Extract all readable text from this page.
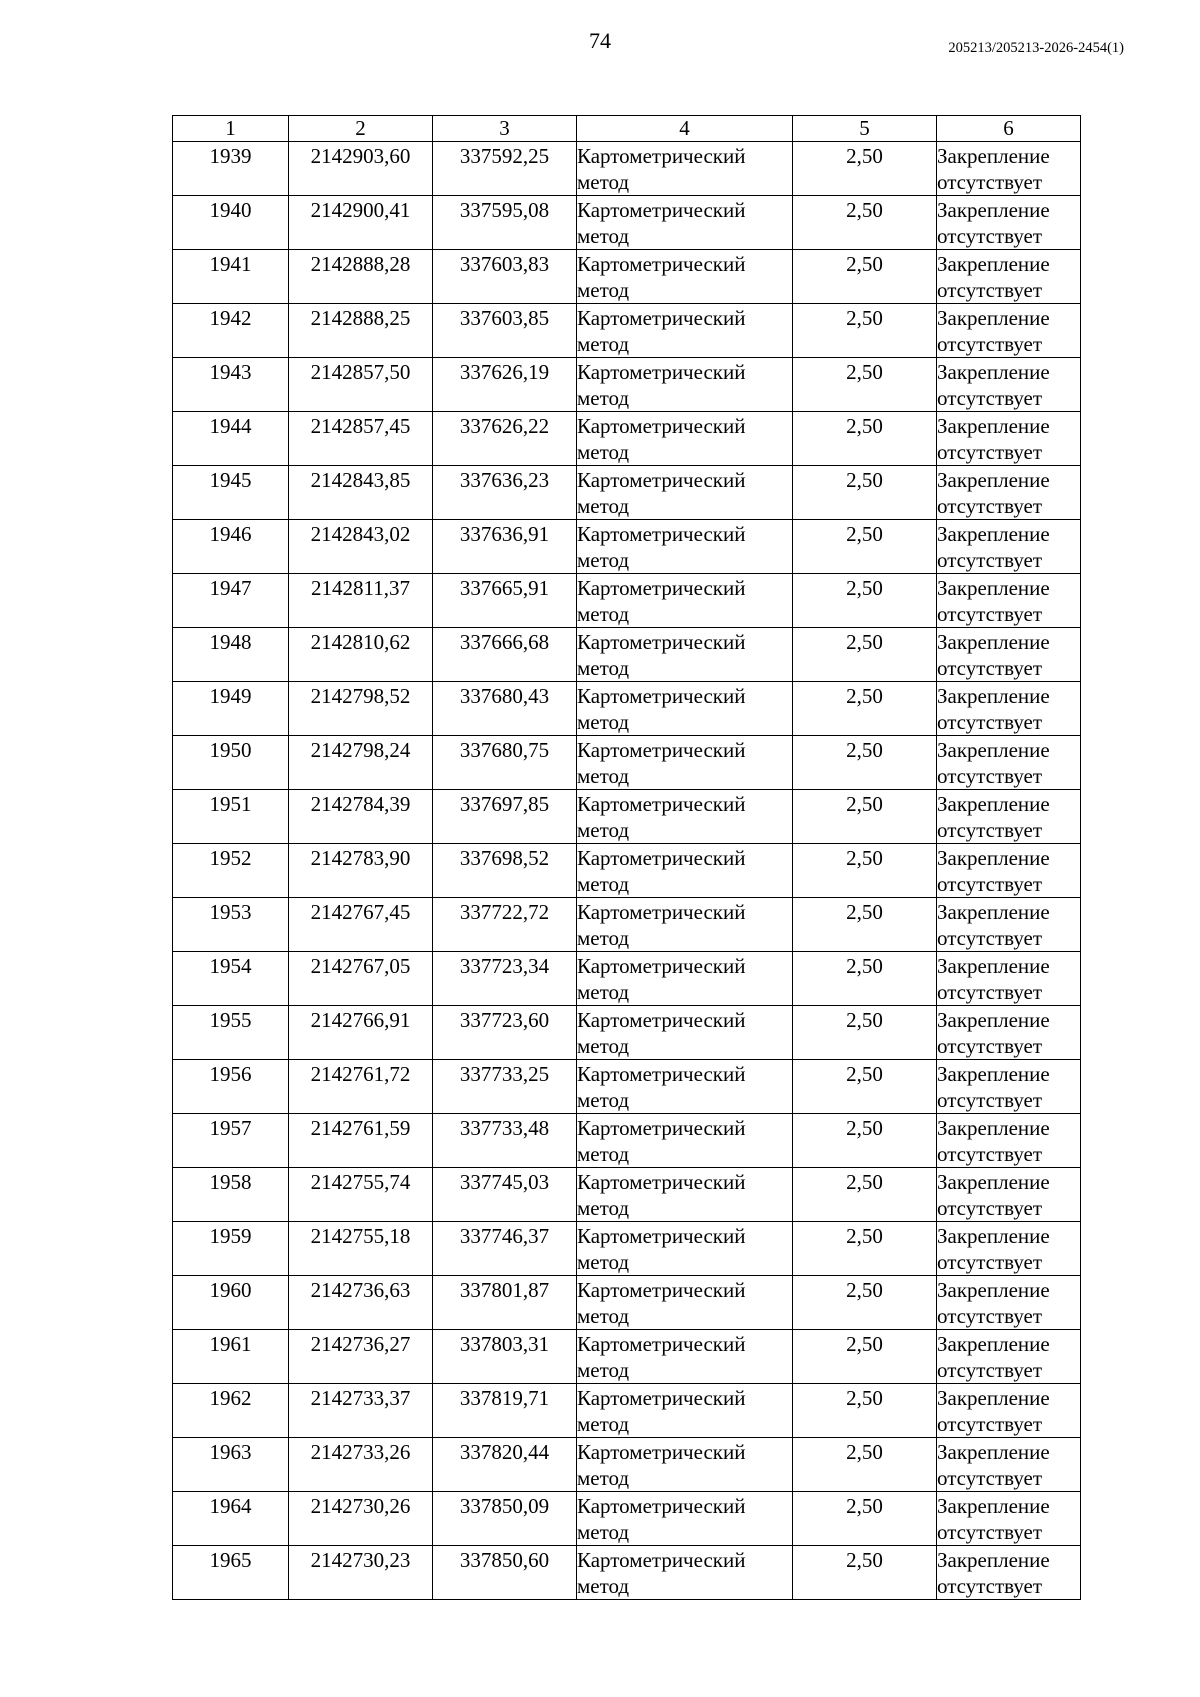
74	205213/205213-2026-2454(1)
1	2	3	4	5	6
1939	2142903,60	337592,25	Картометрический метод	2,50	Закрепление отсутствует
1940	2142900,41	337595,08	Картометрический метод	2,50	Закрепление отсутствует
1941	2142888,28	337603,83	Картометрический метод	2,50	Закрепление отсутствует
1942	2142888,25	337603,85	Картометрический метод	2,50	Закрепление отсутствует
1943	2142857,50	337626,19	Картометрический метод	2,50	Закрепление отсутствует
1944	2142857,45	337626,22	Картометрический метод	2,50	Закрепление отсутствует
1945	2142843,85	337636,23	Картометрический метод	2,50	Закрепление отсутствует
1946	2142843,02	337636,91	Картометрический метод	2,50	Закрепление отсутствует
1947	2142811,37	337665,91	Картометрический метод	2,50	Закрепление отсутствует
1948	2142810,62	337666,68	Картометрический метод	2,50	Закрепление отсутствует
1949	2142798,52	337680,43	Картометрический метод	2,50	Закрепление отсутствует
1950	2142798,24	337680,75	Картометрический метод	2,50	Закрепление отсутствует
1951	2142784,39	337697,85	Картометрический метод	2,50	Закрепление отсутствует
1952	2142783,90	337698,52	Картометрический метод	2,50	Закрепление отсутствует
1953	2142767,45	337722,72	Картометрический метод	2,50	Закрепление отсутствует
1954	2142767,05	337723,34	Картометрический метод	2,50	Закрепление отсутствует
1955	2142766,91	337723,60	Картометрический метод	2,50	Закрепление отсутствует
1956	2142761,72	337733,25	Картометрический метод	2,50	Закрепление отсутствует
1957	2142761,59	337733,48	Картометрический метод	2,50	Закрепление отсутствует
1958	2142755,74	337745,03	Картометрический метод	2,50	Закрепление отсутствует
1959	2142755,18	337746,37	Картометрический метод	2,50	Закрепление отсутствует
1960	2142736,63	337801,87	Картометрический метод	2,50	Закрепление отсутствует
1961	2142736,27	337803,31	Картометрический метод	2,50	Закрепление отсутствует
1962	2142733,37	337819,71	Картометрический метод	2,50	Закрепление отсутствует
1963	2142733,26	337820,44	Картометрический метод	2,50	Закрепление отсутствует
1964	2142730,26	337850,09	Картометрический метод	2,50	Закрепление отсутствует
1965	2142730,23	337850,60	Картометрический метод	2,50	Закрепление отсутствует
